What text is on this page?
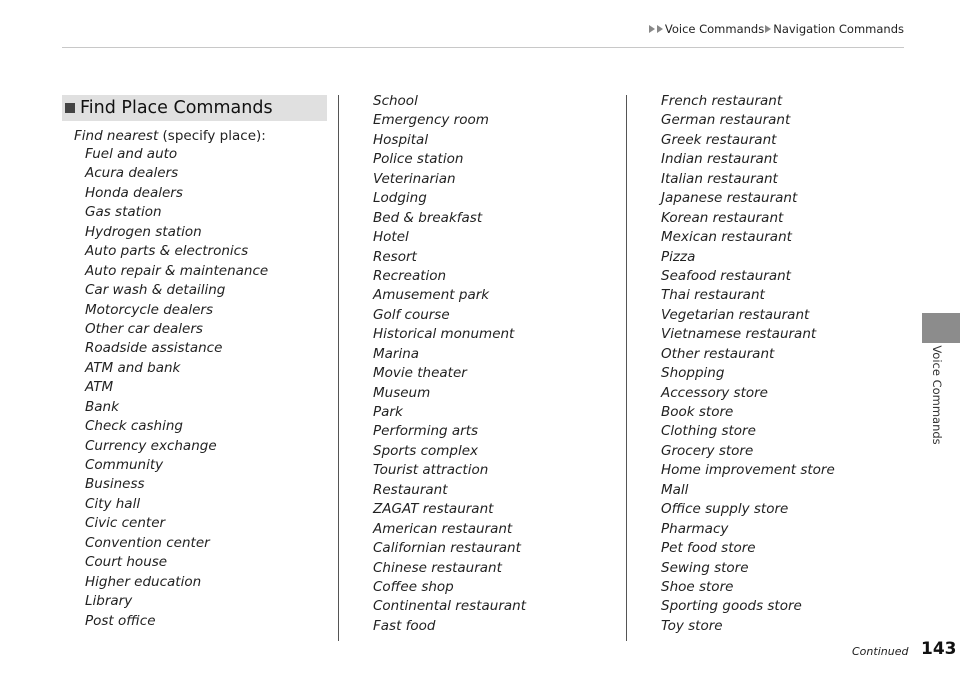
Voice Commands Navigation Commands
Voice Commands
Find Place Commands
Find nearest (specify place):
Fuel and auto
Acura dealers
Honda dealers
Gas station
Hydrogen station
Auto parts & electronics
Auto repair & maintenance
Car wash & detailing
Motorcycle dealers
Other car dealers
Roadside assistance
ATM and bank
ATM
Bank
Check cashing
Currency exchange
Community
Business
City hall
Civic center
Convention center
Court house
Higher education
Library
Post office
School
Emergency room
Hospital
Police station
Veterinarian
Lodging
Bed & breakfast
Hotel
Resort
Recreation
Amusement park
Golf course
Historical monument
Marina
Movie theater
Museum
Park
Performing arts
Sports complex
Tourist attraction
Restaurant
ZAGAT restaurant
American restaurant
Californian restaurant
Chinese restaurant
Coffee shop
Continental restaurant
Fast food
French restaurant
German restaurant
Greek restaurant
Indian restaurant
Italian restaurant
Japanese restaurant
Korean restaurant
Mexican restaurant
Pizza
Seafood restaurant
Thai restaurant
Vegetarian restaurant
Vietnamese restaurant
Other restaurant
Shopping
Accessory store
Book store
Clothing store
Grocery store
Home improvement store
Mall
Office supply store
Pharmacy
Pet food store
Sewing store
Shoe store
Sporting goods store
Toy store
Continued 143
